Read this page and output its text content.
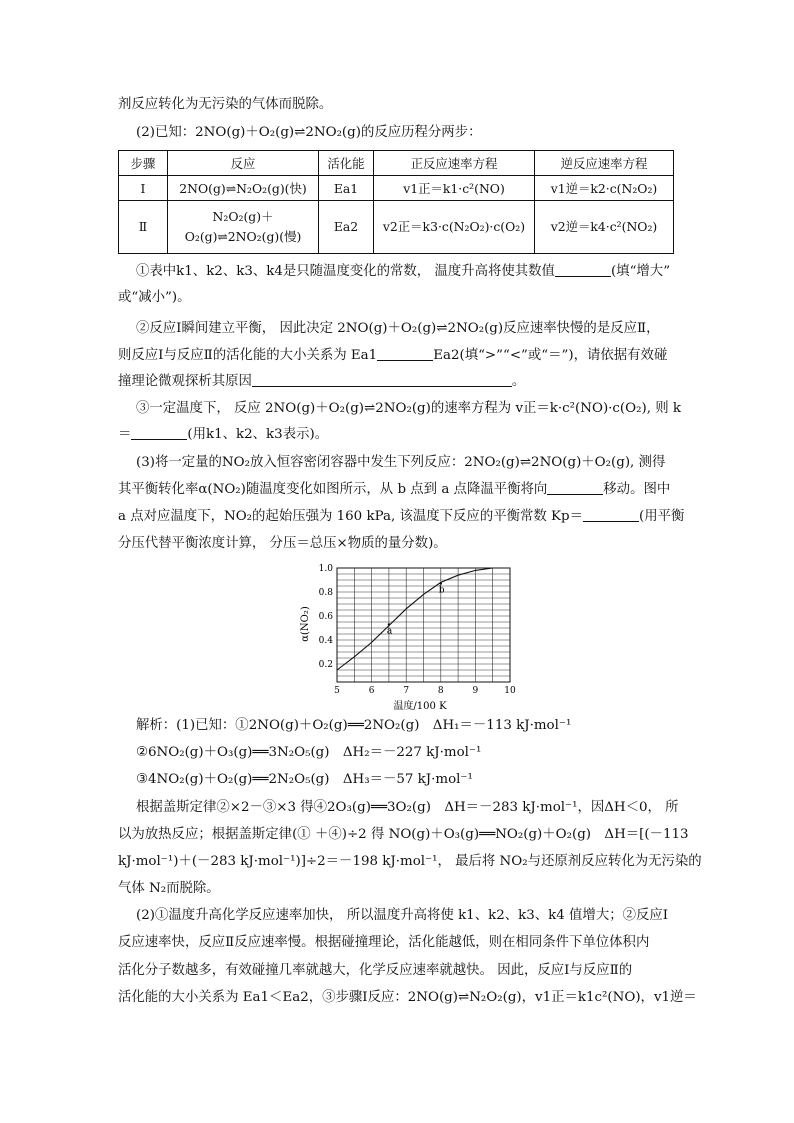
剂反应转化为无污染的气体而脱除。
(2)已知：2NO(g)＋O₂(g)⇌2NO₂(g)的反应历程分两步：
步骤	反应	活化能	正反应速率方程	逆反应速率方程
Ⅰ	2NO(g)⇌N₂O₂(g)(快)	Ea1	v1正＝k1·c²(NO)	v1逆＝k2·c(N₂O₂)
Ⅱ	N₂O₂(g)＋O₂(g)⇌2NO₂(g)(慢)	Ea2	v2正＝k3·c(N₂O₂)·c(O₂)	v2逆＝k4·c²(NO₂)
①表中k1、k2、k3、k4是只随温度变化的常数， 温度升高将使其数值	(填“增大”
或“减小”)。
②反应Ⅰ瞬间建立平衡， 因此决定 2NO(g)＋O₂(g)⇌2NO₂(g)反应速率快慢的是反应Ⅱ，
则反应Ⅰ与反应Ⅱ的活化能的大小关系为 Ea1	Ea2(填“>”“<”或“＝”)，请依据有效碰
撞理论微观探析其原因	。
③一定温度下， 反应 2NO(g)＋O₂(g)⇌2NO₂(g)的速率方程为 v正＝k·c²(NO)·c(O₂), 则 k
＝	(用k1、k2、k3表示)。
(3)将一定量的NO₂放入恒容密闭容器中发生下列反应：2NO₂(g)⇌2NO(g)＋O₂(g), 测得
其平衡转化率α(NO₂)随温度变化如图所示，从 b 点到 a 点降温平衡将向	移动。图中
a 点对应温度下，NO₂的起始压强为 160 kPa, 该温度下反应的平衡常数 Kp＝	(用平衡
分压代替平衡浓度计算， 分压＝总压×物质的量分数)。
5	6	7	8	9	10
0.2
0.4
0.6
0.8
1.0
a
b
α(NO₂)
温度/100 K
解析：(1)已知：①2NO(g)＋O₂(g)══2NO₂(g)　ΔH₁＝－113 kJ·mol⁻¹
②6NO₂(g)＋O₃(g)══3N₂O₅(g)　ΔH₂＝－227 kJ·mol⁻¹
③4NO₂(g)＋O₂(g)══2N₂O₅(g)　ΔH₃＝－57 kJ·mol⁻¹
根据盖斯定律②×2－③×3 得④2O₃(g)══3O₂(g)　ΔH＝－283 kJ·mol⁻¹，因ΔH＜0， 所
以为放热反应；根据盖斯定律(① ＋④)÷2 得 NO(g)＋O₃(g)══NO₂(g)＋O₂(g)　ΔH＝[(－113
kJ·mol⁻¹)＋(－283 kJ·mol⁻¹)]÷2＝－198 kJ·mol⁻¹， 最后将 NO₂与还原剂反应转化为无污染的
气体 N₂而脱除。
(2)①温度升高化学反应速率加快， 所以温度升高将使 k1、k2、k3、k4 值增大；②反应Ⅰ
反应速率快，反应Ⅱ反应速率慢。根据碰撞理论，活化能越低，则在相同条件下单位体积内
活化分子数越多，有效碰撞几率就越大，化学反应速率就越快。 因此，反应Ⅰ与反应Ⅱ的
活化能的大小关系为 Ea1＜Ea2，③步骤Ⅰ反应：2NO(g)⇌N₂O₂(g)，v1正＝k1c²(NO)，v1逆＝
